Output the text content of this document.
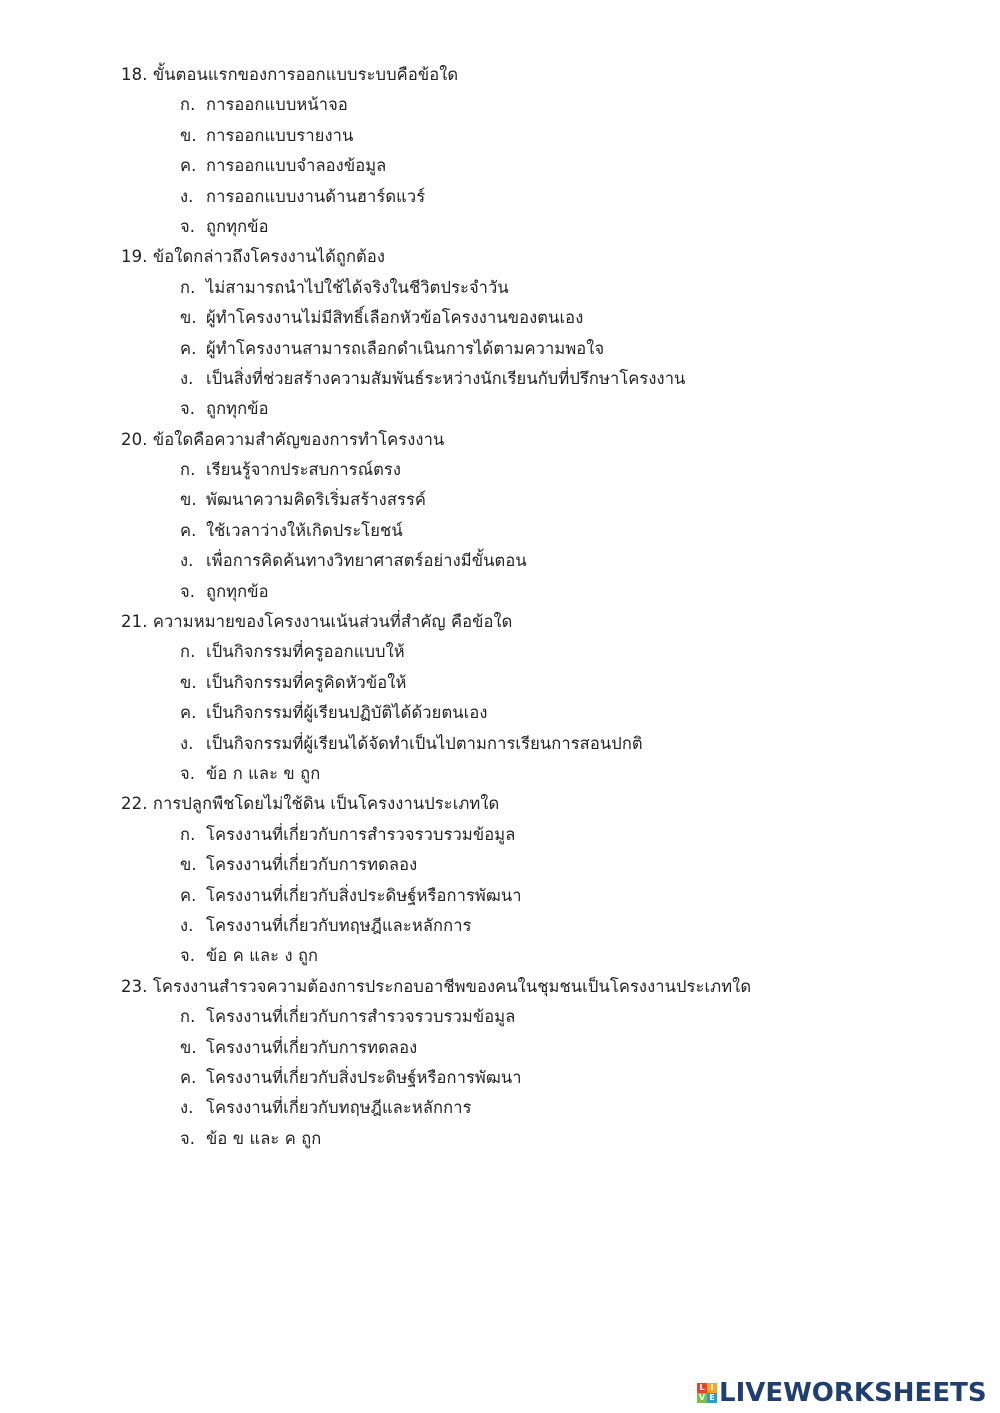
18. ขั้นตอนแรกของการออกแบบระบบคือข้อใด
ก. การออกแบบหน้าจอ
ข. การออกแบบรายงาน
ค. การออกแบบจำลองข้อมูล
ง. การออกแบบงานด้านฮาร์ดแวร์
จ. ถูกทุกข้อ
19. ข้อใดกล่าวถึงโครงงานได้ถูกต้อง
ก. ไม่สามารถนำไปใช้ได้จริงในชีวิตประจำวัน
ข. ผู้ทำโครงงานไม่มีสิทธิ์เลือกหัวข้อโครงงานของตนเอง
ค. ผู้ทำโครงงานสามารถเลือกดำเนินการได้ตามความพอใจ
ง. เป็นสิ่งที่ช่วยสร้างความสัมพันธ์ระหว่างนักเรียนกับที่ปรึกษาโครงงาน
จ. ถูกทุกข้อ
20. ข้อใดคือความสำคัญของการทำโครงงาน
ก. เรียนรู้จากประสบการณ์ตรง
ข. พัฒนาความคิดริเริ่มสร้างสรรค์
ค. ใช้เวลาว่างให้เกิดประโยชน์
ง. เพื่อการคิดค้นทางวิทยาศาสตร์อย่างมีขั้นตอน
จ. ถูกทุกข้อ
21. ความหมายของโครงงานเน้นส่วนที่สำคัญ คือข้อใด
ก. เป็นกิจกรรมที่ครูออกแบบให้
ข. เป็นกิจกรรมที่ครูคิดหัวข้อให้
ค. เป็นกิจกรรมที่ผู้เรียนปฏิบัติได้ด้วยตนเอง
ง. เป็นกิจกรรมที่ผู้เรียนได้จัดทำเป็นไปตามการเรียนการสอนปกติ
จ. ข้อ ก และ ข ถูก
22. การปลูกพืชโดยไม่ใช้ดิน เป็นโครงงานประเภทใด
ก. โครงงานที่เกี่ยวกับการสำรวจรวบรวมข้อมูล
ข. โครงงานที่เกี่ยวกับการทดลอง
ค. โครงงานที่เกี่ยวกับสิ่งประดิษฐ์หรือการพัฒนา
ง. โครงงานที่เกี่ยวกับทฤษฎีและหลักการ
จ. ข้อ ค และ ง ถูก
23. โครงงานสำรวจความต้องการประกอบอาชีพของคนในชุมชนเป็นโครงงานประเภทใด
ก. โครงงานที่เกี่ยวกับการสำรวจรวบรวมข้อมูล
ข. โครงงานที่เกี่ยวกับการทดลอง
ค. โครงงานที่เกี่ยวกับสิ่งประดิษฐ์หรือการพัฒนา
ง. โครงงานที่เกี่ยวกับทฤษฎีและหลักการ
จ. ข้อ ข และ ค ถูก
L I
V E LIVEWORKSHEETS
